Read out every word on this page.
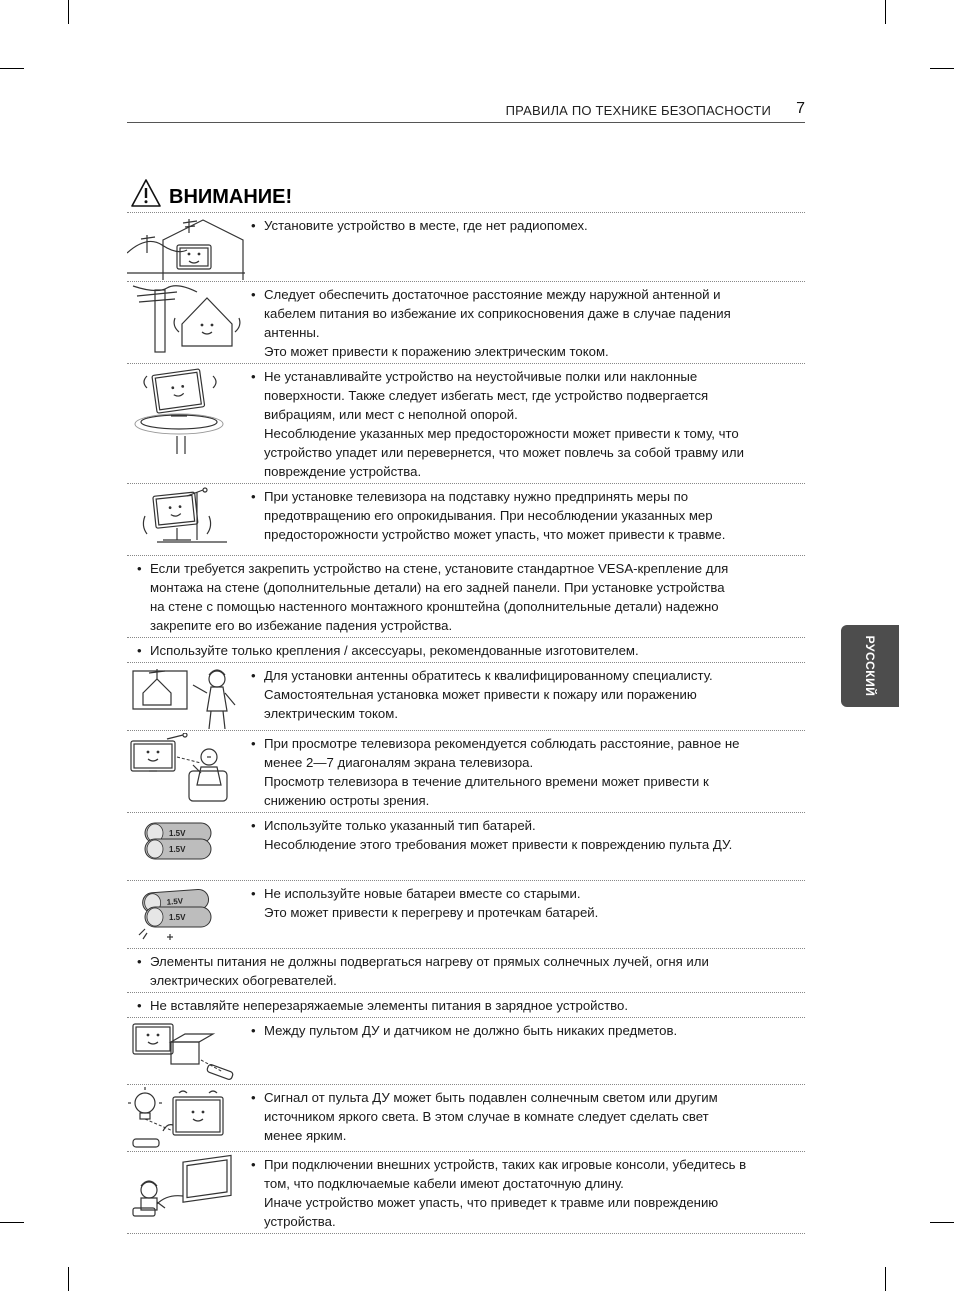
ПРАВИЛА ПО ТЕХНИКЕ БЕЗОПАСНОСТИ 7
ВНИМАНИЕ!
РУССКИЙ
• Установите устройство в месте, где нет радиопомех.
• Следует обеспечить достаточное расстояние между наружной антенной и
кабелем питания во избежание их соприкосновения даже в случае падения
антенны.
Это может привести к поражению электрическим током.
• Не устанавливайте устройство на неустойчивые полки или наклонные
поверхности. Также следует избегать мест, где устройство подвергается
вибрациям, или мест с неполной опорой.
Несоблюдение указанных мер предосторожности может привести к тому, что
устройство упадет или перевернется, что может повлечь за собой травму или
повреждение устройства.
• При установке телевизора на подставку нужно предпринять меры по
предотвращению его опрокидывания. При несоблюдении указанных мер
предосторожности устройство может упасть, что может привести к травме.
• Если требуется закрепить устройство на стене, установите стандартное VESA-крепление для
монтажа на стене (дополнительные детали) на его задней панели. При установке устройства
на стене с помощью настенного монтажного кронштейна (дополнительные детали) надежно
закрепите его во избежание падения устройства.
• Используйте только крепления / аксессуары, рекомендованные изготовителем.
• Для установки антенны обратитесь к квалифицированному специалисту.
Самостоятельная установка может привести к пожару или поражению
электрическим током.
• При просмотре телевизора рекомендуется соблюдать расстояние, равное не
менее 2—7 диагоналям экрана телевизора.
Просмотр телевизора в течение длительного времени может привести к
снижению остроты зрения.
1.5V
1.5V
• Используйте только указанный тип батарей.
Несоблюдение этого требования может привести к повреждению пульта ДУ.
1.5V
1.5V
• Не используйте новые батареи вместе со старыми.
Это может привести к перегреву и протечкам батарей.
• Элементы питания не должны подвергаться нагреву от прямых солнечных лучей, огня или
электрических обогревателей.
• Не вставляйте неперезаряжаемые элементы питания в зарядное устройство.
• Между пультом ДУ и датчиком не должно быть никаких предметов.
• Сигнал от пульта ДУ может быть подавлен солнечным светом или другим
источником яркого света. В этом случае в комнате следует сделать свет
менее ярким.
• При подключении внешних устройств, таких как игровые консоли, убедитесь в
том, что подключаемые кабели имеют достаточную длину.
Иначе устройство может упасть, что приведет к травме или повреждению
устройства.
